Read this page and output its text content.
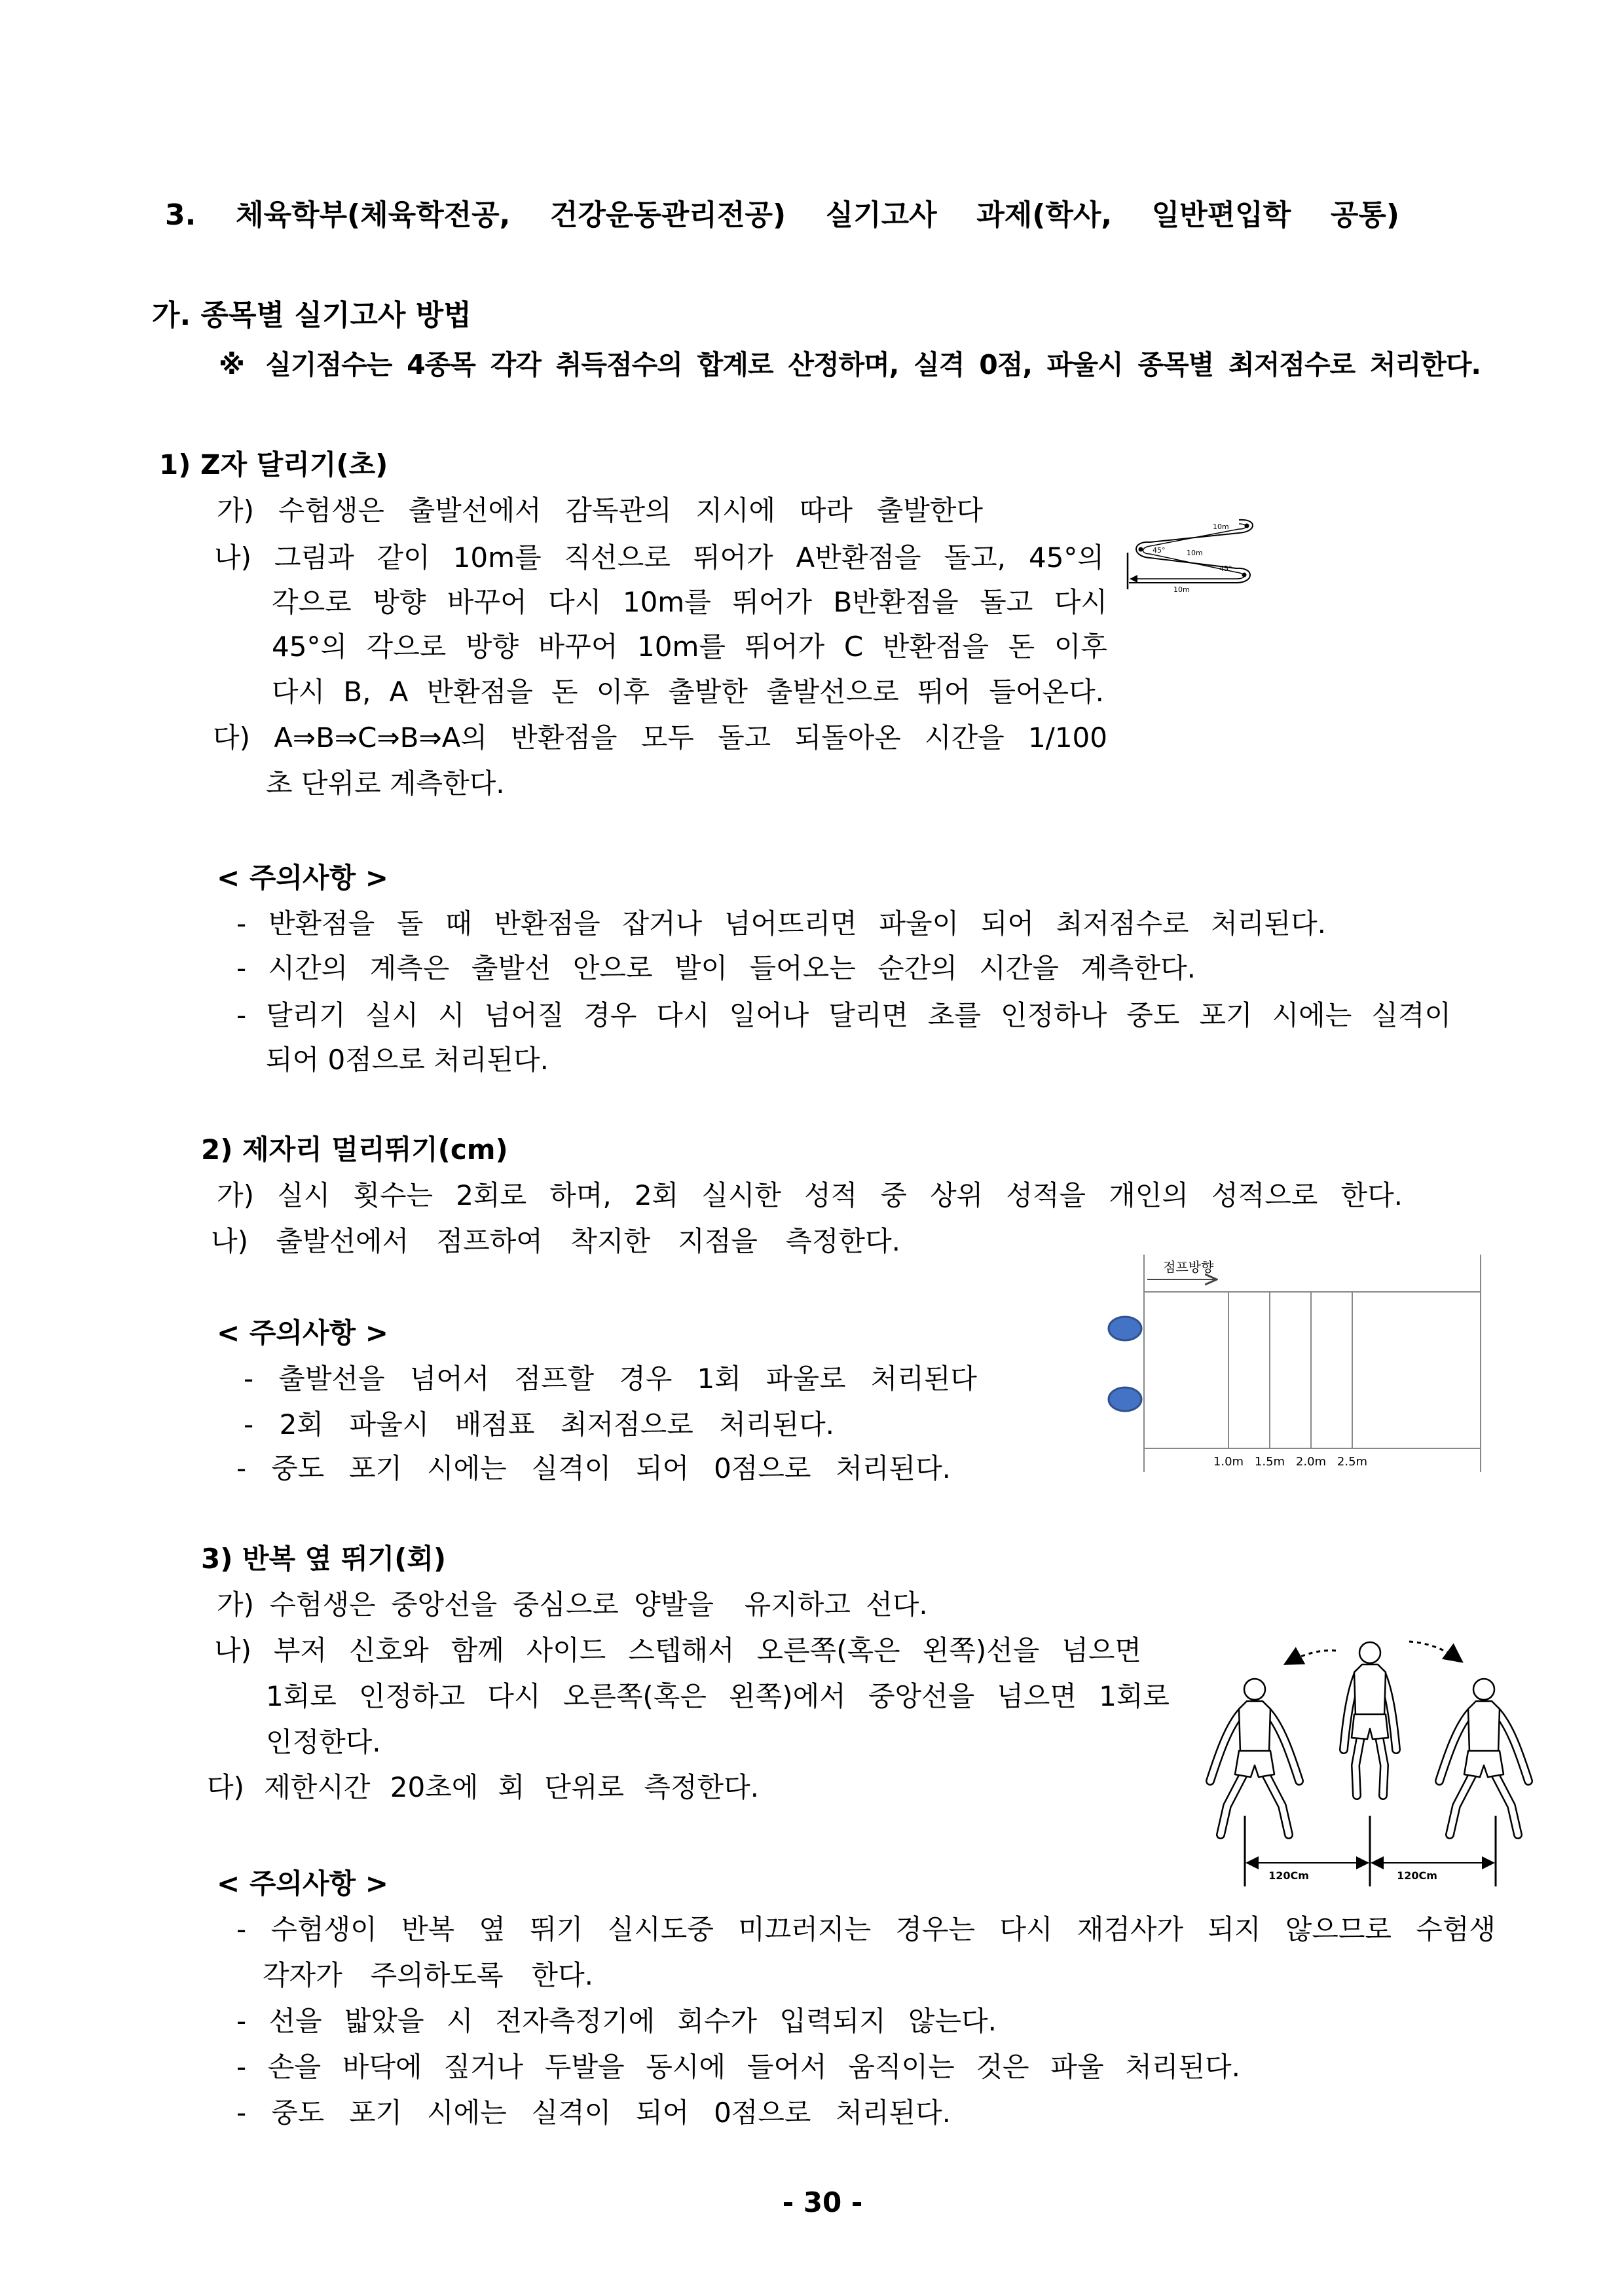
3. 체육학부(체육학전공, 건강운동관리전공) 실기고사 과제(학사, 일반편입학 공통)
가. 종목별 실기고사 방법
※ 실기점수는 4종목 각각 취득점수의 합계로 산정하며, 실격 0점, 파울시 종목별 최저점수로 처리한다.
1) Z자 달리기(초)
가) 수험생은 출발선에서 감독관의 지시에 따라 출발한다
나) 그림과 같이 10m를 직선으로 뛰어가 A반환점을 돌고, 45°의
각으로 방향 바꾸어 다시 10m를 뛰어가 B반환점을 돌고 다시
45°의 각으로 방향 바꾸어 10m를 뛰어가 C 반환점을 돈 이후
다시 B, A 반환점을 돈 이후 출발한 출발선으로 뛰어 들어온다.
다) A⇒B⇒C⇒B⇒A의 반환점을 모두 돌고 되돌아온 시간을 1/100
초 단위로 계측한다.
< 주의사항 >
- 반환점을 돌 때 반환점을 잡거나 넘어뜨리면 파울이 되어 최저점수로 처리된다.
- 시간의 계측은 출발선 안으로 발이 들어오는 순간의 시간을 계측한다.
- 달리기 실시 시 넘어질 경우 다시 일어나 달리면 초를 인정하나 중도 포기 시에는 실격이
되어 0점으로 처리된다.
10m
45°	10m
45°
10m
2) 제자리 멀리뛰기(cm)
가) 실시 횟수는 2회로 하며, 2회 실시한 성적 중 상위 성적을 개인의 성적으로 한다.
나) 출발선에서 점프하여 착지한 지점을 측정한다.
< 주의사항 >
- 출발선을 넘어서 점프할 경우 1회 파울로 처리된다
- 2회 파울시 배점표 최저점으로 처리된다.
- 중도 포기 시에는 실격이 되어 0점으로 처리된다.
점프방향
1.0m 1.5m 2.0m 2.5m
3) 반복 옆 뛰기(회)
가) 수험생은 중앙선을 중심으로 양발을  유지하고 선다.
나) 부저 신호와 함께 사이드 스텝해서 오른쪽(혹은 왼쪽)선을 넘으면
1회로 인정하고 다시 오른쪽(혹은 왼쪽)에서 중앙선을 넘으면 1회로
인정한다.
다) 제한시간 20초에 회 단위로 측정한다.
< 주의사항 >
- 수험생이 반복 옆 뛰기 실시도중 미끄러지는 경우는 다시 재검사가 되지 않으므로 수험생
각자가 주의하도록 한다.
- 선을 밟았을 시 전자측정기에 회수가 입력되지 않는다.
- 손을 바닥에 짚거나 두발을 동시에 들어서 움직이는 것은 파울 처리된다.
- 중도 포기 시에는 실격이 되어 0점으로 처리된다.
120Cm	120Cm
- 30 -
